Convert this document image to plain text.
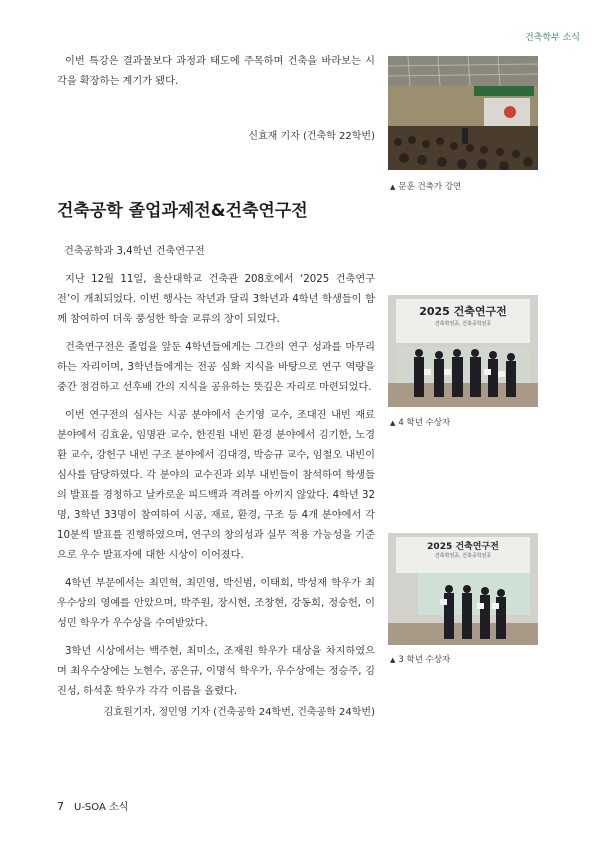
건축학부 소식

이번 특강은 결과물보다 과정과 태도에 주목하며 건축을 바라보는 시각을 확장하는 계기가 됐다.

신효재 기자 (건축학 22학번)
▲ 문훈 건축가 강연
건축공학 졸업과제전&건축연구전
건축공학과 3,4학년 건축연구전

지난 12월 11일, 울산대학교 건축관 208호에서 ‘2025 건축연구전’이 개최되었다. 이번 행사는 작년과 달리 3학년과 4학년 학생들이 함께 참여하여 더욱 풍성한 학술 교류의 장이 되었다.

건축연구전은 졸업을 앞둔 4학년들에게는 그간의 연구 성과를 마무리하는 자리이며, 3학년들에게는 전공 심화 지식을 바탕으로 연구 역량을 중간 점검하고 선후배 간의 지식을 공유하는 뜻깊은 자리로 마련되었다.

이번 연구전의 심사는 시공 분야에서 손기영 교수, 조대진 내빈 재료 분야에서 김효윤, 임명관 교수, 한진원 내빈 환경 분야에서 김기한, 노경환 교수, 강헌구 내빈 구조 분야에서 김대경, 박승규 교수, 임철오 내빈이 심사를 담당하였다. 각 분야의 교수진과 외부 내빈들이 참석하여 학생들의 발표를 경청하고 날카로운 피드백과 격려를 아끼지 않았다. 4학년 32명, 3학년 33명이 참여하여 시공, 재료, 환경, 구조 등 4개 분야에서 각 10분씩 발표를 진행하였으며, 연구의 창의성과 실무 적용 가능성을 기준으로 우수 발표자에 대한 시상이 이어졌다.

4학년 부문에서는 최민혁, 최민영, 박신범, 이태희, 박성재 학우가 최우수상의 영예를 안았으며, 박주원, 장시현, 조창현, 강동희, 정승헌, 이성민 학우가 우수상을 수여받았다.

3학년 시상에서는 백주현, 최미소, 조재원 학우가 대상을 차지하였으며 최우수상에는 노현수, 공은규, 이명석 학우가, 우수상에는 정승주, 김진성, 하석훈 학우가 각각 이름을 올렸다.

김효원기자, 정민영 기자 (건축공학 24학번, 건축공학 24학번)
2025 건축연구전
건축학전공, 건축공학전공
▲ 4 학년 수상자
2025 건축연구전
건축학전공, 건축공학전공
▲ 3 학년 수상자
7 U-SOA 소식
